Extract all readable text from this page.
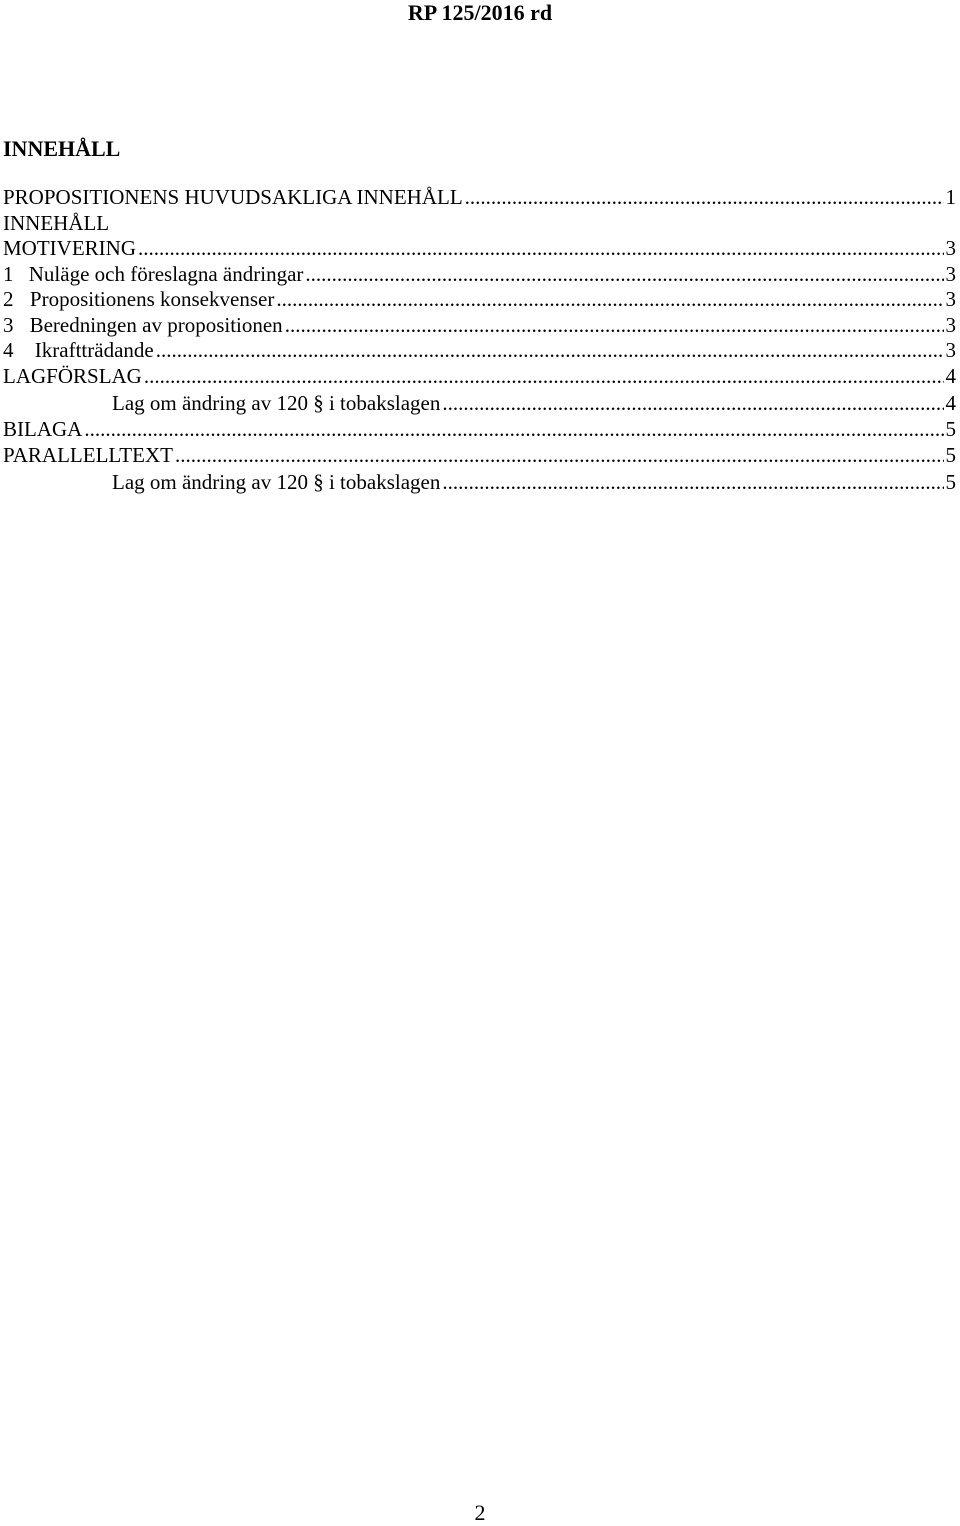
RP 125/2016 rd
INNEHÅLL
PROPOSITIONENS HUVUDSAKLIGA INNEHÅLL .....	1
INNEHÅLL
MOTIVERING .....	3
1 Nuläge och föreslagna ändringar .....	3
2 Propositionens konsekvenser .....	3
3 Beredningen av propositionen .....	3
4	Ikraftträdande .....	3
LAGFÖRSLAG .....	4
Lag om ändring av 120 § i tobakslagen .....	4
BILAGA .....	5
PARALLELLTEXT .....	5
Lag om ändring av 120 § i tobakslagen .....	5
2
